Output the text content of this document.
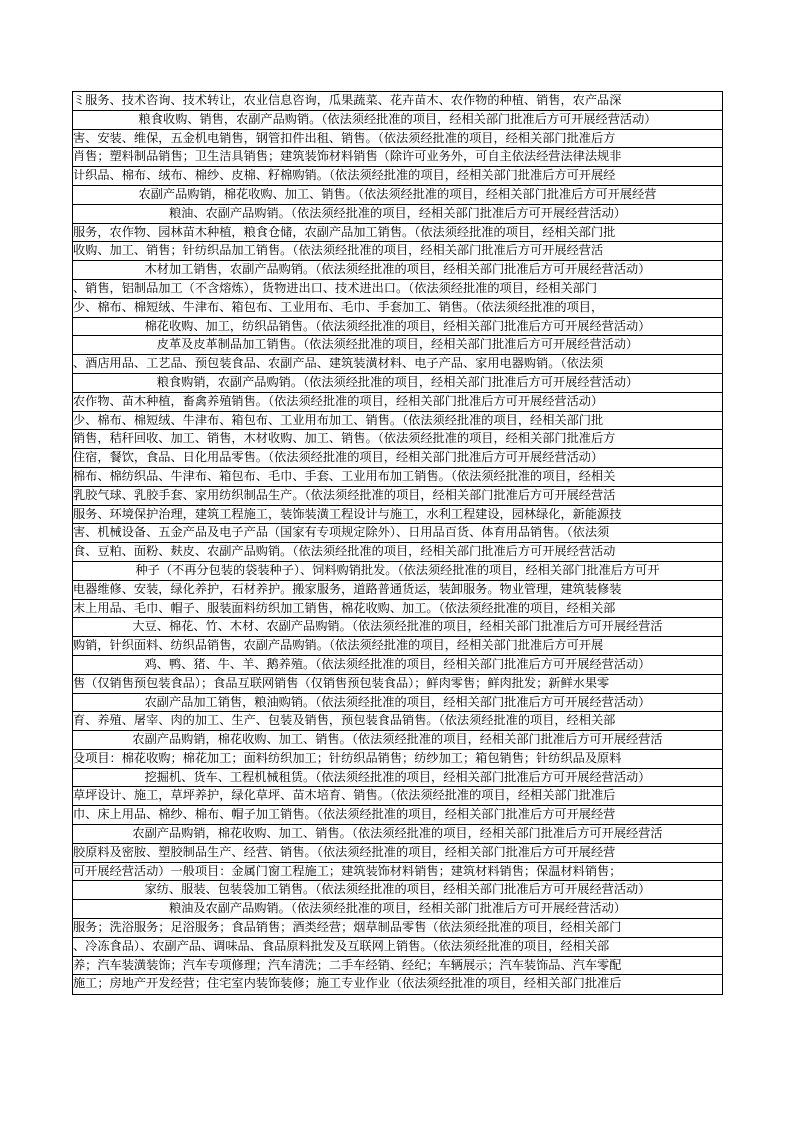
ミ服务、技术咨询、技术转让，农业信息咨询，瓜果蔬菜、花卉苗木、农作物的种植、销售，农产品深
粮食收购、销售，农副产品购销。（依法须经批准的项目，经相关部门批准后方可开展经营活动）
害、安装、维保，五金机电销售，钢管扣件出租、销售。（依法须经批准的项目，经相关部门批准后方
肖售；塑料制品销售；卫生洁具销售；建筑装饰材料销售（除许可业务外，可自主依法经营法律法规非
计织品、棉布、绒布、棉纱、皮棉、籽棉购销。（依法须经批准的项目，经相关部门批准后方可开展经
农副产品购销，棉花收购、加工、销售。（依法须经批准的项目，经相关部门批准后方可开展经营
粮油、农副产品购销。（依法须经批准的项目，经相关部门批准后方可开展经营活动）
服务，农作物、园林苗木种植，粮食仓储，农副产品加工销售。（依法须经批准的项目，经相关部门批
收购、加工、销售；针纺织品加工销售。（依法须经批准的项目，经相关部门批准后方可开展经营活
木材加工销售，农副产品购销。（依法须经批准的项目，经相关部门批准后方可开展经营活动）
、销售，铝制品加工（不含熔炼），货物进出口、技术进出口。（依法须经批准的项目，经相关部门
少、棉布、棉短绒、牛津布、箱包布、工业用布、毛巾、手套加工、销售。（依法须经批准的项目，
棉花收购、加工，纺织品销售。（依法须经批准的项目，经相关部门批准后方可开展经营活动）
皮革及皮革制品加工销售。（依法须经批准的项目，经相关部门批准后方可开展经营活动）
、酒店用品、工艺品、预包装食品、农副产品、建筑装潢材料、电子产品、家用电器购销。（依法须
粮食购销，农副产品购销。（依法须经批准的项目，经相关部门批准后方可开展经营活动）
农作物、苗木种植，畜禽养殖销售。（依法须经批准的项目，经相关部门批准后方可开展经营活动）
少、棉布、棉短绒、牛津布、箱包布、工业用布加工、销售。（依法须经批准的项目，经相关部门批
销售，秸秆回收、加工、销售，木材收购、加工、销售。（依法须经批准的项目，经相关部门批准后方
住宿，餐饮，食品、日化用品零售。（依法须经批准的项目，经相关部门批准后方可开展经营活动）
棉布、棉纺织品、牛津布、箱包布、毛巾、手套、工业用布加工销售。（依法须经批准的项目，经相关
乳胶气球、乳胶手套、家用纺织制品生产。（依法须经批准的项目，经相关部门批准后方可开展经营活
服务、环境保护治理，建筑工程施工，装饰装潢工程设计与施工，水利工程建设，园林绿化，新能源技
害、机械设备、五金产品及电子产品（国家有专项规定除外）、日用品百货、体育用品销售。（依法须
食、豆粕、面粉、麸皮、农副产品购销。（依法须经批准的项目，经相关部门批准后方可开展经营活动
种子（不再分包装的袋装种子）、饲料购销批发。（依法须经批准的项目，经相关部门批准后方可开
电器维修、安装，绿化养护，石材养护。搬家服务，道路普通货运，装卸服务。物业管理，建筑装修装
末上用品、毛巾、帽子、服装面料纺织加工销售，棉花收购、加工。（依法须经批准的项目，经相关部
大豆、棉花、竹、木材、农副产品购销。（依法须经批准的项目，经相关部门批准后方可开展经营活
购销，针织面料、纺织品销售，农副产品购销。（依法须经批准的项目，经相关部门批准后方可开展
鸡、鸭、猪、牛、羊、鹅养殖。（依法须经批准的项目，经相关部门批准后方可开展经营活动）
售（仅销售预包装食品）；食品互联网销售（仅销售预包装食品）；鲜肉零售；鲜肉批发；新鲜水果零
农副产品加工销售，粮油购销。（依法须经批准的项目，经相关部门批准后方可开展经营活动）
育、养殖、屠宰、肉的加工、生产、包装及销售，预包装食品销售。（依法须经批准的项目，经相关部
农副产品购销，棉花收购、加工、销售。（依法须经批准的项目，经相关部门批准后方可开展经营活
殳项目：棉花收购；棉花加工；面料纺织加工；针纺织品销售；纺纱加工；箱包销售；针纺织品及原料
挖掘机、货车、工程机械租赁。（依法须经批准的项目，经相关部门批准后方可开展经营活动）
草坪设计、施工，草坪养护，绿化草坪、苗木培育、销售。（依法须经批准的项目，经相关部门批准后
巾、床上用品、棉纱、棉布、帽子加工销售。（依法须经批准的项目，经相关部门批准后方可开展经营
农副产品购销，棉花收购、加工、销售。（依法须经批准的项目，经相关部门批准后方可开展经营活
胶原料及密胺、塑胶制品生产、经营、销售。（依法须经批准的项目，经相关部门批准后方可开展经营
可开展经营活动）一般项目：金属门窗工程施工；建筑装饰材料销售；建筑材料销售；保温材料销售；
家纺、服装、包装袋加工销售。（依法须经批准的项目，经相关部门批准后方可开展经营活动）
粮油及农副产品购销。（依法须经批准的项目，经相关部门批准后方可开展经营活动）
服务；洗浴服务；足浴服务；食品销售；酒类经营；烟草制品零售（依法须经批准的项目，经相关部门
、冷冻食品）、农副产品、调味品、食品原料批发及互联网上销售。（依法须经批准的项目，经相关部
养；汽车装潢装饰；汽车专项修理；汽车清洗；二手车经销、经纪；车辆展示；汽车装饰品、汽车零配
施工；房地产开发经营；住宅室内装饰装修；施工专业作业（依法须经批准的项目，经相关部门批准后
